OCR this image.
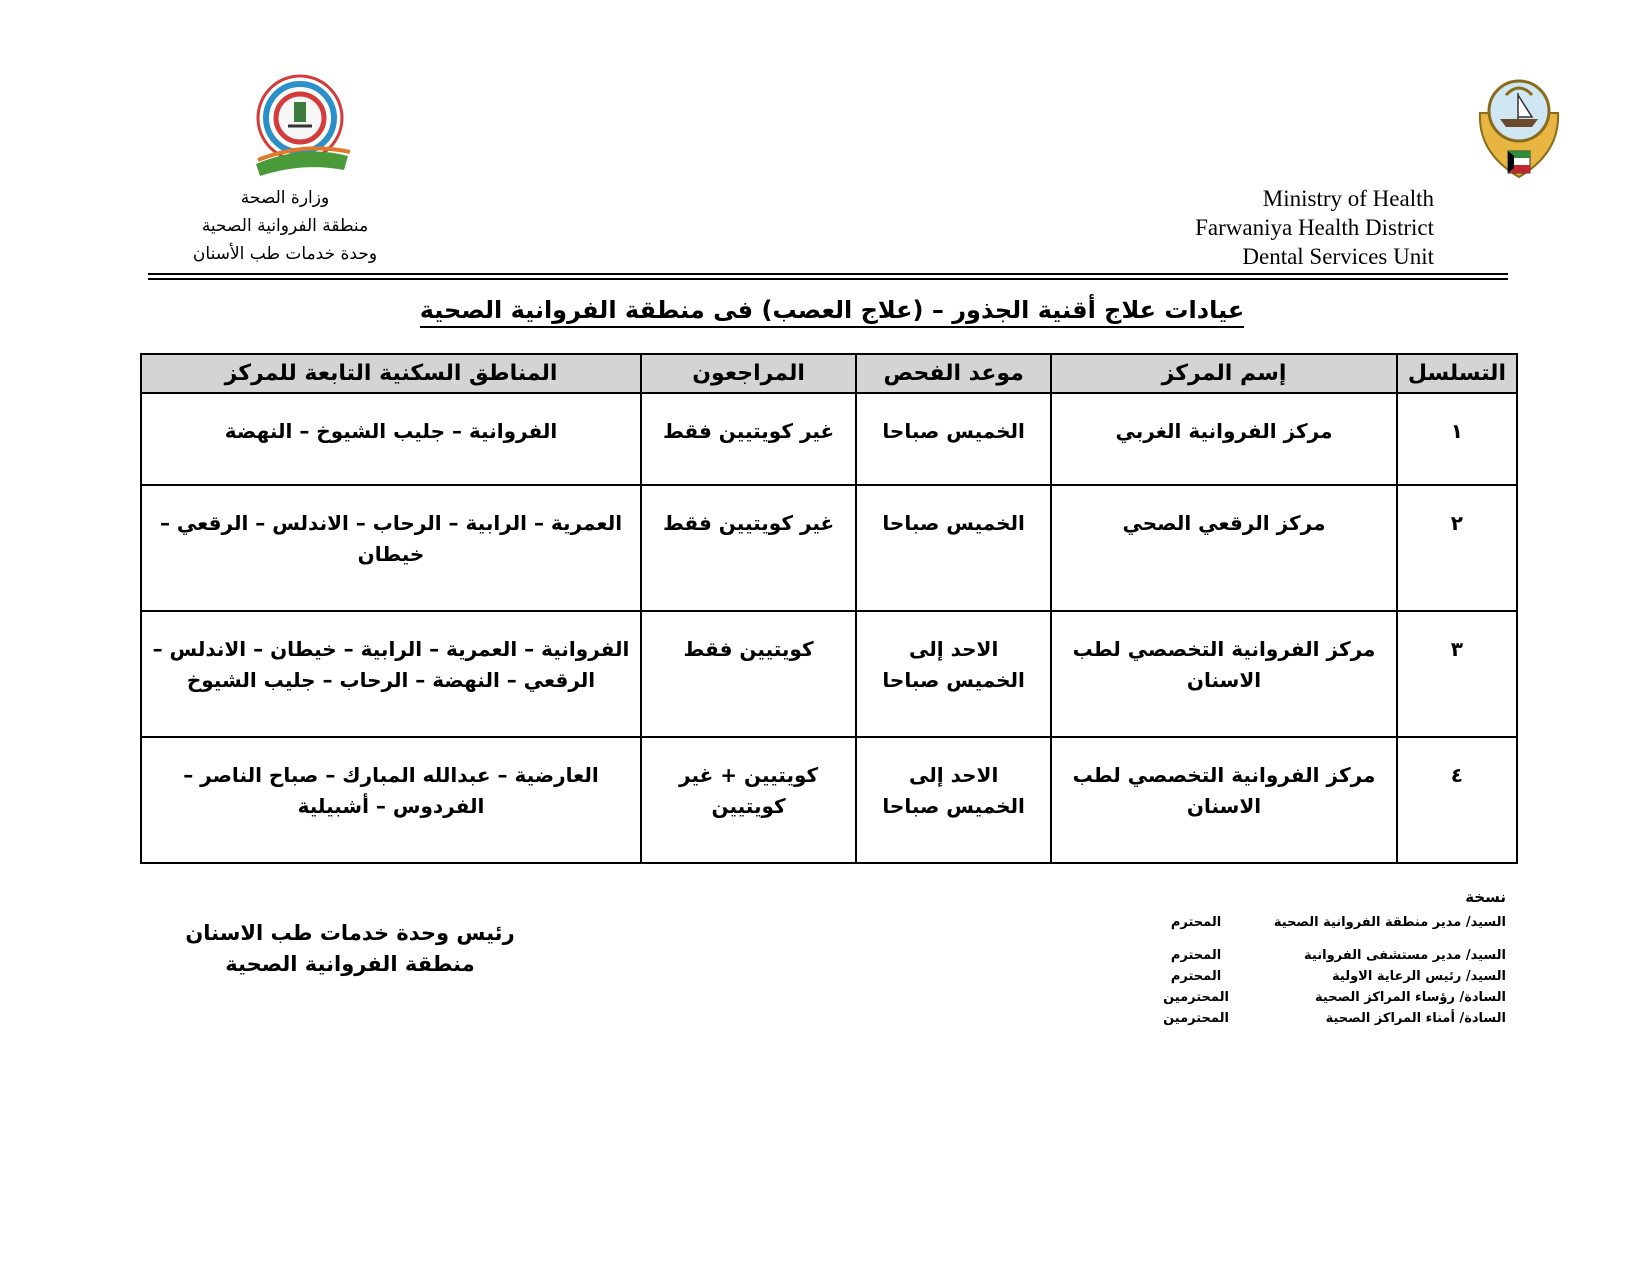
Ministry of Health
Farwaniya Health District
Dental Services Unit
وزارة الصحة
منطقة الفروانية الصحية
وحدة خدمات طب الأسنان
عيادات علاج أقنية الجذور – (علاج العصب) فى منطقة الفروانية الصحية
التسلسل	إسم المركز	موعد الفحص	المراجعون	المناطق السكنية التابعة للمركز
١	مركز الفروانية الغربي	الخميس صباحا	غير كويتيين فقط	الفروانية – جليب الشيوخ – النهضة
٢	مركز الرقعي الصحي	الخميس صباحا	غير كويتيين فقط	العمرية – الرابية – الرحاب – الاندلس – الرقعي – خيطان
٣	مركز الفروانية التخصصي لطب الاسنان	الاحد إلى الخميس صباحا	كويتيين فقط	الفروانية – العمرية – الرابية – خيطان – الاندلس – الرقعي – النهضة – الرحاب – جليب الشيوخ
٤	مركز الفروانية التخصصي لطب الاسنان	الاحد إلى الخميس صباحا	كويتيين + غير كويتيين	العارضية – عبدالله المبارك – صباح الناصر – الفردوس – أشبيلية
نسخة
السيد/ مدير منطقة الفروانية الصحية
المحترم
السيد/ مدير مستشفى الفروانية
المحترم
السيد/ رئيس الرعاية الاولية
المحترم
السادة/ رؤساء المراكز الصحية
المحترمين
السادة/ أمناء المراكز الصحية
المحترمين
رئيس وحدة خدمات طب الاسنان
منطقة الفروانية الصحية
